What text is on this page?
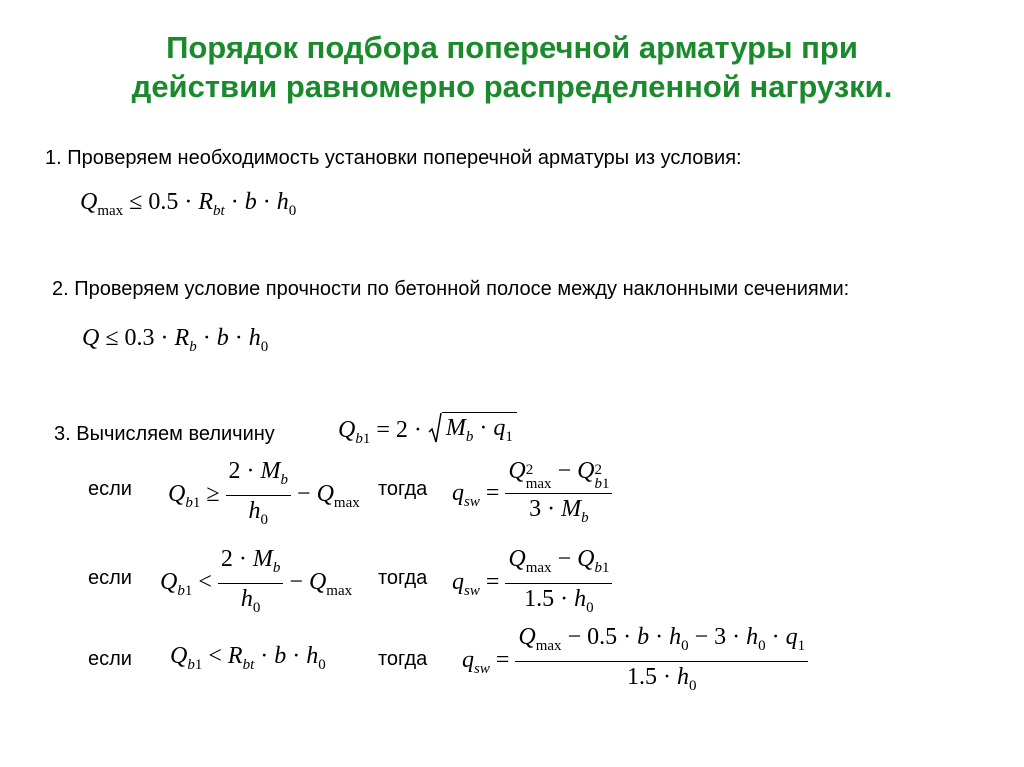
Порядок подбора поперечной арматуры при
действии равномерно распределенной нагрузки.
1. Проверяем необходимость установки поперечной арматуры из условия:
$Q_{max} \le 0.5 \cdot R_{bt} \cdot b \cdot h_0$
2. Проверяем условие прочности по бетонной полосе между наклонными сечениями:
$Q \le 0.3 \cdot R_b \cdot b \cdot h_0$
3. Вычисляем величину	$Q_{b1} = 2 \cdot M_b \cdot q_1$
если $Q_{b1} \ge \frac{2 \cdot M_b}{h_0} - Q_{max}$
тогда $q_{sw}$ =
Q2
max − Q2
b1
$3 \cdot M_b$
если $Q_{b1} < \frac{2 \cdot M_b}{h_0} - Q_{max}$
тогда $q_{sw} = \frac{Q_{max} - Q_{b1}}{1.5 \cdot h_0}$
если $Q_{b1} < R_{bt} \cdot b \cdot h_0$	тогда $q_{sw} = \frac{Q_{max} - 0.5 \cdot b \cdot h_0 - 3 \cdot h_0 \cdot q_1}{1.5 \cdot h_0}$
